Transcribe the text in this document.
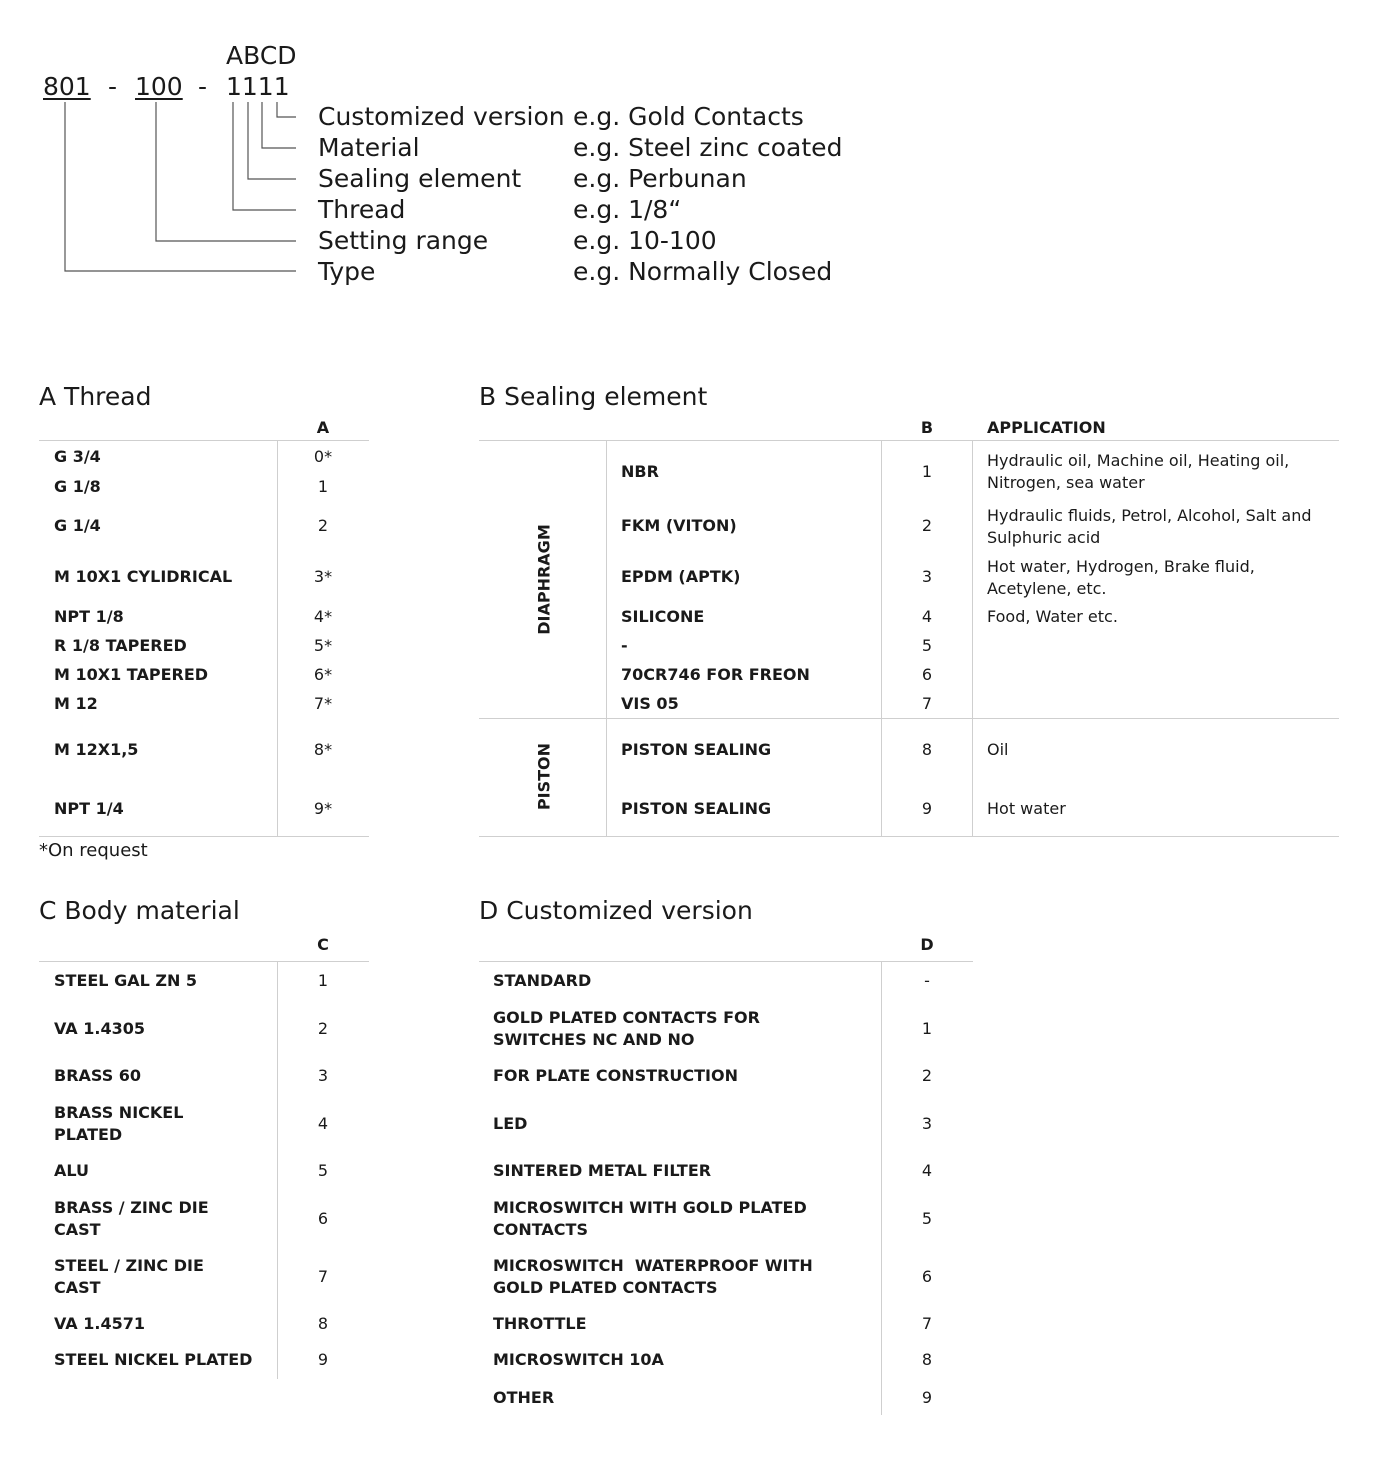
ABCD
801 - 100 - 1111
Customized version
Material
Sealing element
Thread
Setting range
Type
e.g. Gold Contacts
e.g. Steel zinc coated
e.g. Perbunan
e.g. 1/8“
e.g. 10-100
e.g. Normally Closed
A Thread
A
G 3/4
G 1/8
G 1/4
M 10X1 CYLIDRICAL
NPT 1/8
R 1/8 TAPERED
M 10X1 TAPERED
M 12
M 12X1,5
NPT 1/4
0*
1
2
3*
4*
5*
6*
7*
8*
9*
*On request
B Sealing element
B	APPLICATION
DIAPHRAGM
PISTON
NBR
FKM (VITON)
EPDM (APTK)
SILICONE
-
70CR746 FOR FREON
VIS 05
PISTON SEALING
PISTON SEALING
1
2
3
4
5
6
7
8
9
Hydraulic oil, Machine oil, Heating oil, Nitrogen, sea water
Hydraulic fluids, Petrol, Alcohol, Salt and Sulphuric acid
Hot water, Hydrogen, Brake fluid, Acetylene, etc.
Food, Water etc.
Oil
Hot water
C Body material
C
STEEL GAL ZN 5
VA 1.4305
BRASS 60
BRASS NICKEL PLATED
ALU
BRASS / ZINC DIE CAST
STEEL / ZINC DIE CAST
VA 1.4571
STEEL NICKEL PLATED
1
2
3
4
5
6
7
8
9
D Customized version
D
STANDARD
GOLD PLATED CONTACTS FOR SWITCHES NC AND NO
FOR PLATE CONSTRUCTION
LED
SINTERED METAL FILTER
MICROSWITCH WITH GOLD PLATED CONTACTS
MICROSWITCH  WATERPROOF WITH GOLD PLATED CONTACTS
THROTTLE
MICROSWITCH 10A
OTHER
-
1
2
3
4
5
6
7
8
9
